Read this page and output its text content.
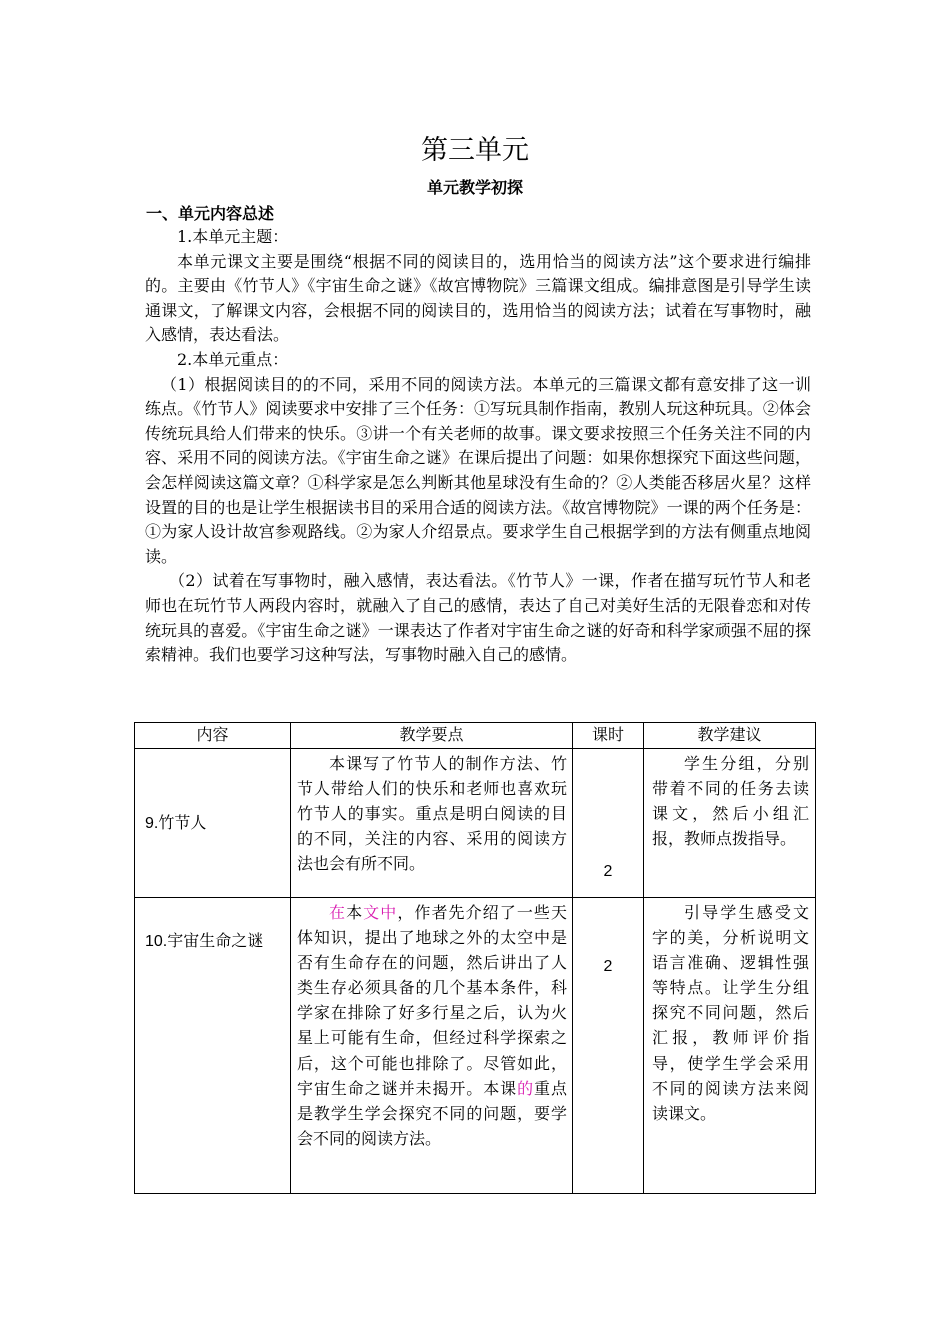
第三单元
单元教学初探
一、单元内容总述

1.本单元主题：

本单元课文主要是围绕“根据不同的阅读目的，选用恰当的阅读方法”这个要求进行编排的。主要由《竹节人》《宇宙生命之谜》《故宫博物院》三篇课文组成。编排意图是引导学生读通课文，了解课文内容，会根据不同的阅读目的，选用恰当的阅读方法；试着在写事物时，融入感情，表达看法。

2.本单元重点：

（1）根据阅读目的的不同，采用不同的阅读方法。本单元的三篇课文都有意安排了这一训练点。《竹节人》阅读要求中安排了三个任务：①写玩具制作指南，教别人玩这种玩具。②体会传统玩具给人们带来的快乐。③讲一个有关老师的故事。课文要求按照三个任务关注不同的内容、采用不同的阅读方法。《宇宙生命之谜》在课后提出了问题：如果你想探究下面这些问题，会怎样阅读这篇文章？①科学家是怎么判断其他星球没有生命的？②人类能否移居火星？这样设置的目的也是让学生根据读书目的采用合适的阅读方法。《故宫博物院》一课的两个任务是：①为家人设计故宫参观路线。②为家人介绍景点。要求学生自己根据学到的方法有侧重点地阅读。

（2）试着在写事物时，融入感情，表达看法。《竹节人》一课，作者在描写玩竹节人和老师也在玩竹节人两段内容时，就融入了自己的感情，表达了自己对美好生活的无限眷恋和对传统玩具的喜爱。《宇宙生命之谜》一课表达了作者对宇宙生命之谜的好奇和科学家顽强不屈的探索精神。我们也要学习这种写法，写事物时融入自己的感情。

内容	教学要点	课时	教学建议
9.竹节人	本课写了竹节人的制作方法、竹节人带给人们的快乐和老师也喜欢玩竹节人的事实。重点是明白阅读的目的不同，关注的内容、采用的阅读方法也会有所不同。	2	学生分组，分别带着不同的任务去读课文，然后小组汇报，教师点拨指导。

10.宇宙生命之谜	在本文中，作者先介绍了一些天体知识，提出了地球之外的太空中是否有生命存在的问题，然后讲出了人类生存必须具备的几个基本条件，科学家在排除了好多行星之后，认为火星上可能有生命，但经过科学探索之后，这个可能也排除了。尽管如此，宇宙生命之谜并未揭开。本课的重点是教学生学会探究不同的问题，要学会不同的阅读方法。	2	引导学生感受文字的美，分析说明文语言准确、逻辑性强等特点。让学生分组探究不同问题，然后汇报，教师评价指导，使学生学会采用不同的阅读方法来阅读课文。
